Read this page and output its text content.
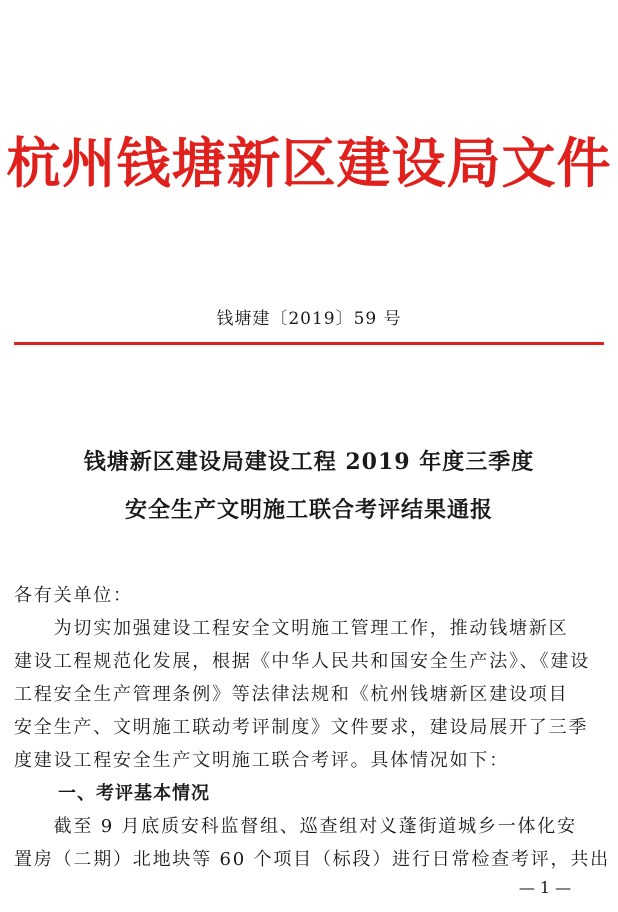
杭州钱塘新区建设局文件
钱塘建〔2019〕59 号
钱塘新区建设局建设工程 2019 年度三季度
安全生产文明施工联合考评结果通报
各有关单位：
　　为切实加强建设工程安全文明施工管理工作，推动钱塘新区
建设工程规范化发展，根据《中华人民共和国安全生产法》、《建设
工程安全生产管理条例》等法律法规和《杭州钱塘新区建设项目
安全生产、文明施工联动考评制度》文件要求，建设局展开了三季
度建设工程安全生产文明施工联合考评。具体情况如下：
一、考评基本情况
　　截至 9 月底质安科监督组、巡查组对义蓬街道城乡一体化安
置房（二期）北地块等 60 个项目（标段）进行日常检查考评，共出
— 1 —
